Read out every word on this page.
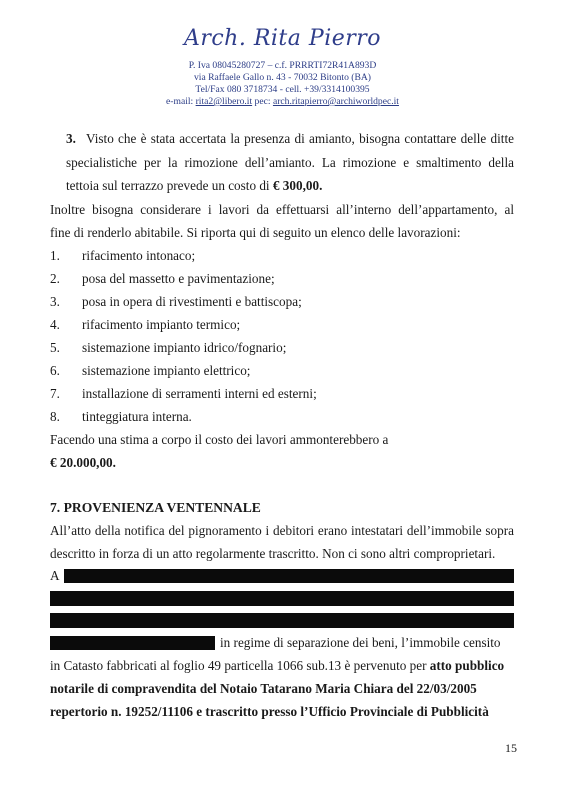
Arch. Rita Pierro
P. Iva 08045280727 – c.f. PRRRTI72R41A893D
via Raffaele Gallo n. 43 - 70032 Bitonto (BA)
Tel/Fax 080 3718734 - cell. +39/3314100395
e-mail: rita2@libero.it pec: arch.ritapierro@archiworldpec.it
3. Visto che è stata accertata la presenza di amianto, bisogna contattare delle ditte
specialistiche per la rimozione dell’amianto. La rimozione e smaltimento della
tettoia sul terrazzo prevede un costo di € 300,00.
Inoltre bisogna considerare i lavori da effettuarsi all’interno dell’appartamento, al
fine di renderlo abitabile. Si riporta qui di seguito un elenco delle lavorazioni:
1. rifacimento intonaco;
2. posa del massetto e pavimentazione;
3. posa in opera di rivestimenti e battiscopa;
4. rifacimento impianto termico;
5. sistemazione impianto idrico/fognario;
6. sistemazione impianto elettrico;
7. installazione di serramenti interni ed esterni;
8. tinteggiatura interna.
Facendo una stima a corpo il costo dei lavori ammonterebbero a
€ 20.000,00.
7. PROVENIENZA VENTENNALE
All’atto della notifica del pignoramento i debitori erano intestatari dell’immobile sopra
descritto in forza di un atto regolarmente trascritto. Non ci sono altri comproprietari.
A
in regime di separazione dei beni, l’immobile censito
in Catasto fabbricati al foglio 49 particella 1066 sub.13 è pervenuto per atto pubblico
notarile di compravendita del Notaio Tatarano Maria Chiara del 22/03/2005
repertorio n. 19252/11106 e trascritto presso l’Ufficio Provinciale di Pubblicità
15
